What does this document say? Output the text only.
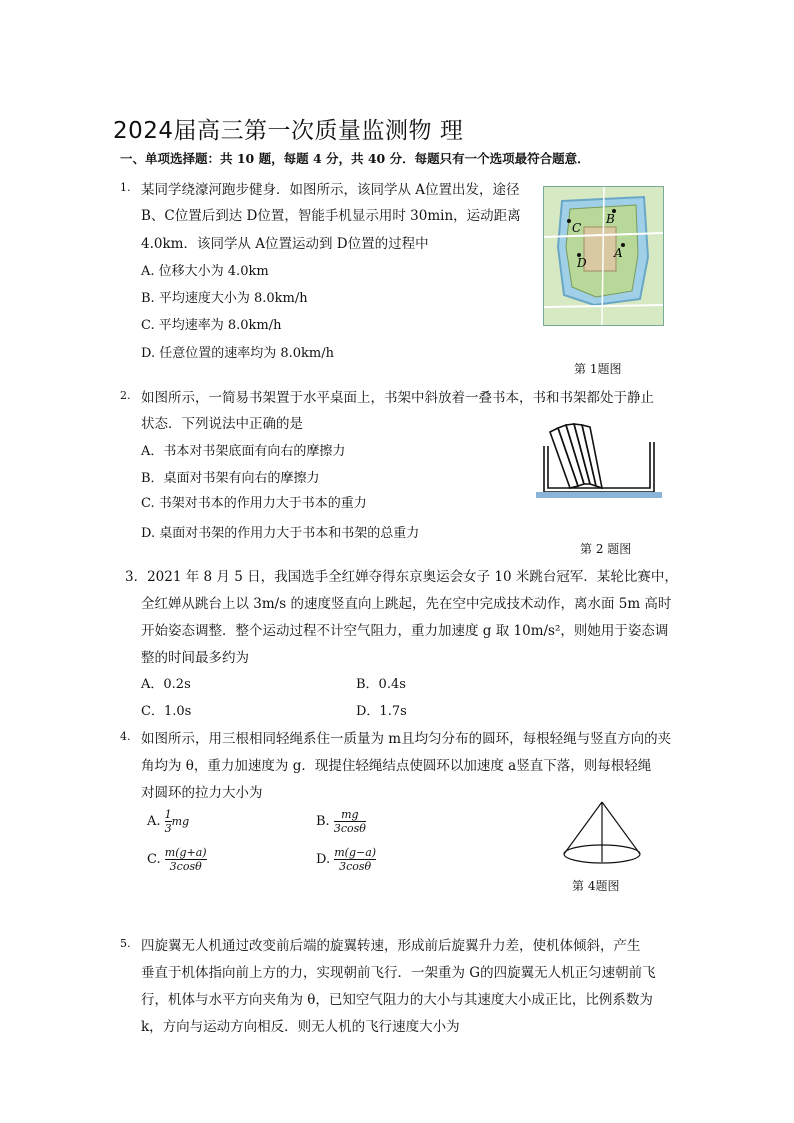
2024届高三第一次质量监测物 理
一、单项选择题：共 10 题，每题 4 分，共 40 分．每题只有一个选项最符合题意．
1. 某同学绕濠河跑步健身．如图所示，该同学从 A位置出发，途径
B、C位置后到达 D位置，智能手机显示用时 30min，运动距离
4.0km．该同学从 A位置运动到 D位置的过程中
A. 位移大小为 4.0km
B. 平均速度大小为 8.0km/h
C. 平均速率为 8.0km/h
D. 任意位置的速率均为 8.0km/h
C
B
D
A
第 1题图
2. 如图所示，一简易书架置于水平桌面上，书架中斜放着一叠书本，书和书架都处于静止
状态．下列说法中正确的是
A．书本对书架底面有向右的摩擦力
B．桌面对书架有向右的摩擦力
C. 书架对书本的作用力大于书本的重力
D. 桌面对书架的作用力大于书本和书架的总重力
第 2 题图
3．2021 年 8 月 5 日，我国选手全红婵夺得东京奥运会女子 10 米跳台冠军．某轮比赛中，
全红婵从跳台上以 3m/s 的速度竖直向上跳起，先在空中完成技术动作，离水面 5m 高时
开始姿态调整．整个运动过程不计空气阻力，重力加速度 g 取 10m/s²，则她用于姿态调
整的时间最多约为
A．0.2s	B．0.4s
C．1.0s	D．1.7s
4. 如图所示，用三根相同轻绳系住一质量为 m且均匀分布的圆环，每根轻绳与竖直方向的夹
角均为 θ，重力加速度为 g．现提住轻绳结点使圆环以加速度 a竖直下落，则每根轻绳
对圆环的拉力大小为
A. $\frac{1}{3}$ mg	B. $\frac{mg}{3\cos\theta}$
C. $\frac{m(g+a)}{3\cos\theta}$	D. $\frac{m(g-a)}{3\cos\theta}$
第 4题图
5. 四旋翼无人机通过改变前后端的旋翼转速，形成前后旋翼升力差，使机体倾斜，产生
垂直于机体指向前上方的力，实现朝前飞行．一架重为 G的四旋翼无人机正匀速朝前飞
行，机体与水平方向夹角为 θ，已知空气阻力的大小与其速度大小成正比，比例系数为
k，方向与运动方向相反．则无人机的飞行速度大小为
